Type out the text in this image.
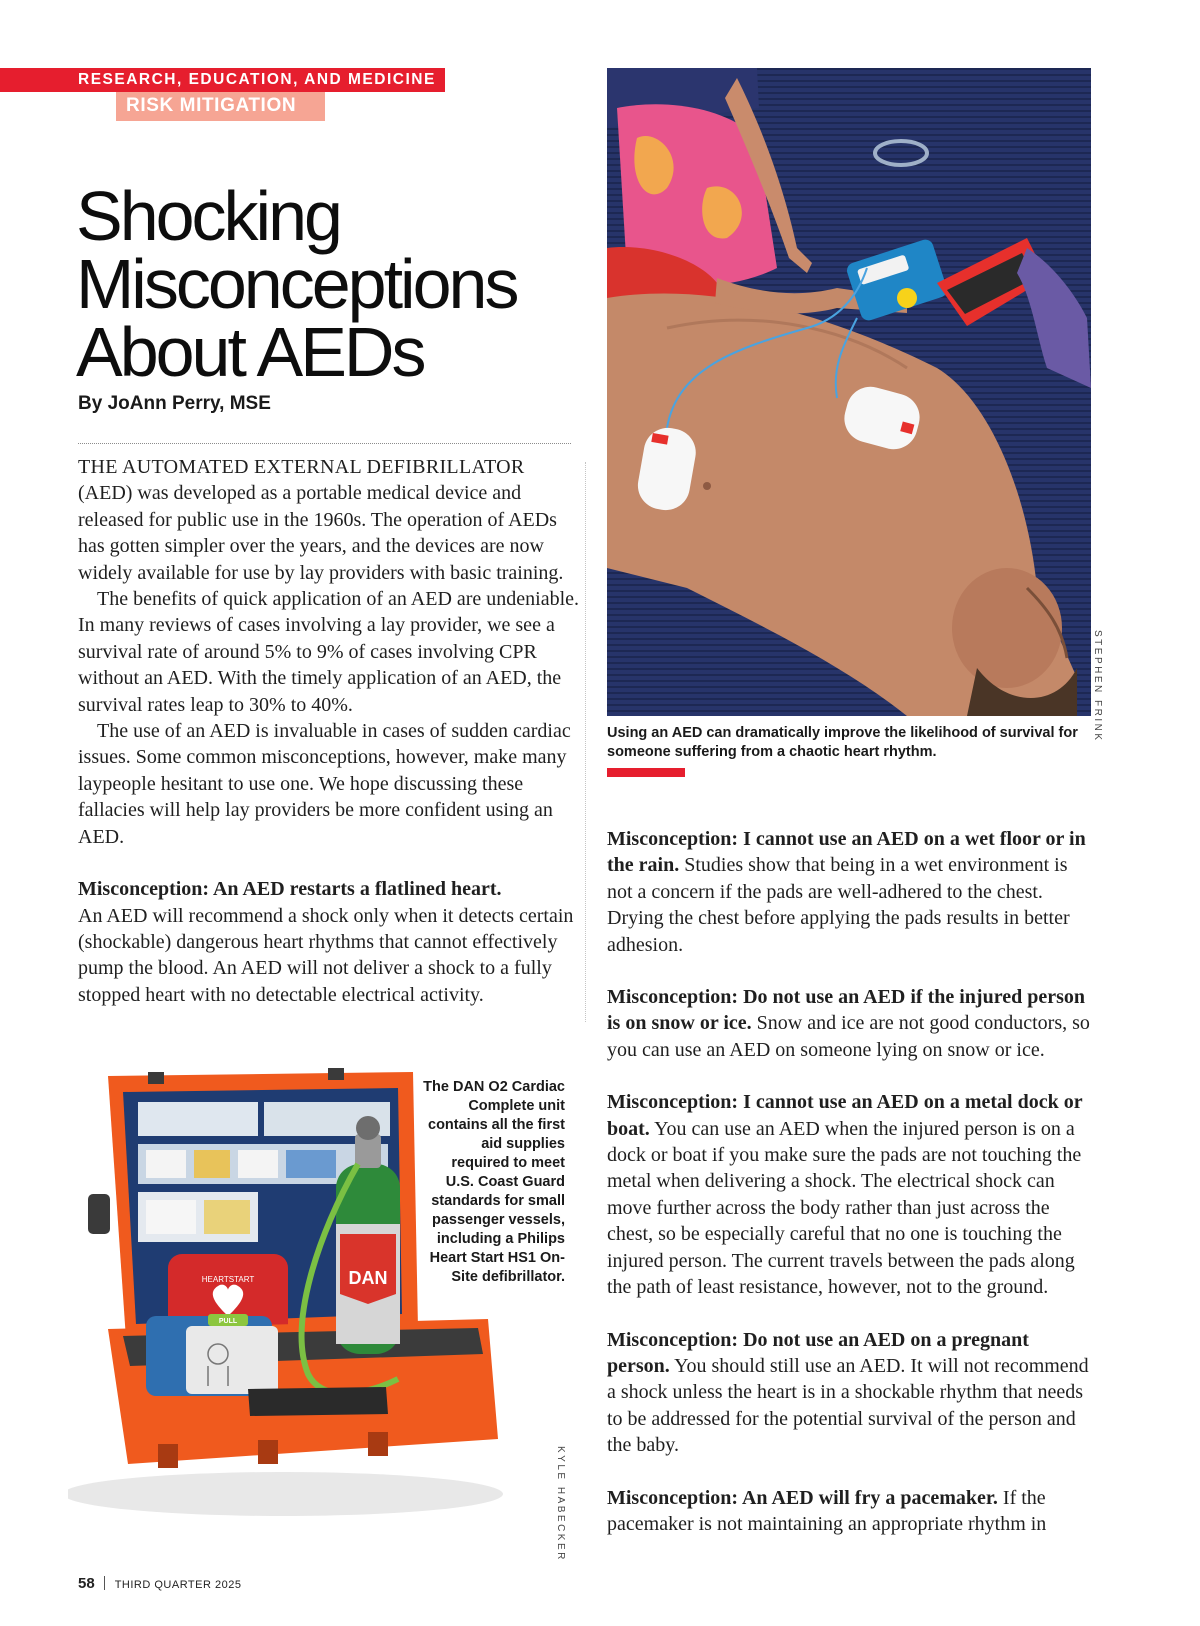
RESEARCH, EDUCATION, AND MEDICINE
RISK MITIGATION
Shocking
Misconceptions
About AEDs
By JoAnn Perry, MSE

THE AUTOMATED EXTERNAL DEFIBRILLATOR (AED) was developed as a portable medical device and released for public use in the 1960s. The operation of AEDs has gotten simpler over the years, and the devices are now widely available for use by lay providers with basic training.

The benefits of quick application of an AED are undeniable. In many reviews of cases involving a lay provider, we see a survival rate of around 5% to 9% of cases involving CPR without an AED. With the timely application of an AED, the survival rates leap to 30% to 40%.

The use of an AED is invaluable in cases of sudden cardiac issues. Some common misconceptions, however, make many laypeople hesitant to use one. We hope discussing these fallacies will help lay providers be more confident using an AED.

Misconception: An AED restarts a flatlined heart.
An AED will recommend a shock only when it detects certain (shockable) dangerous heart rhythms that cannot effectively pump the blood. An AED will not deliver a shock to a fully stopped heart with no detectable electrical activity.

STEPHEN FRINK

Using an AED can dramatically improve the likelihood of survival for someone suffering from a chaotic heart rhythm.

Misconception: I cannot use an AED on a wet floor or in the rain. Studies show that being in a wet environment is not a concern if the pads are well-adhered to the chest. Drying the chest before applying the pads results in better adhesion.

Misconception: Do not use an AED if the injured person is on snow or ice. Snow and ice are not good conductors, so you can use an AED on someone lying on snow or ice.

Misconception: I cannot use an AED on a metal dock or boat. You can use an AED when the injured person is on a dock or boat if you make sure the pads are not touching the metal when delivering a shock. The electrical shock can move further across the body rather than just across the chest, so be especially careful that no one is touching the injured person. The current travels between the pads along the path of least resistance, however, not to the ground.

Misconception: Do not use an AED on a pregnant person. You should still use an AED. It will not recommend a shock unless the heart is in a shockable rhythm that needs to be addressed for the potential survival of the person and the baby.

Misconception: An AED will fry a pacemaker. If the pacemaker is not maintaining an appropriate rhythm in

HEARTSTART
PULL
DAN

The DAN O2 Cardiac Complete unit contains all the first aid supplies required to meet U.S. Coast Guard standards for small passenger vessels, including a Philips Heart Start HS1 On-Site defibrillator.

KYLE HABECKER
58 THIRD QUARTER 2025
